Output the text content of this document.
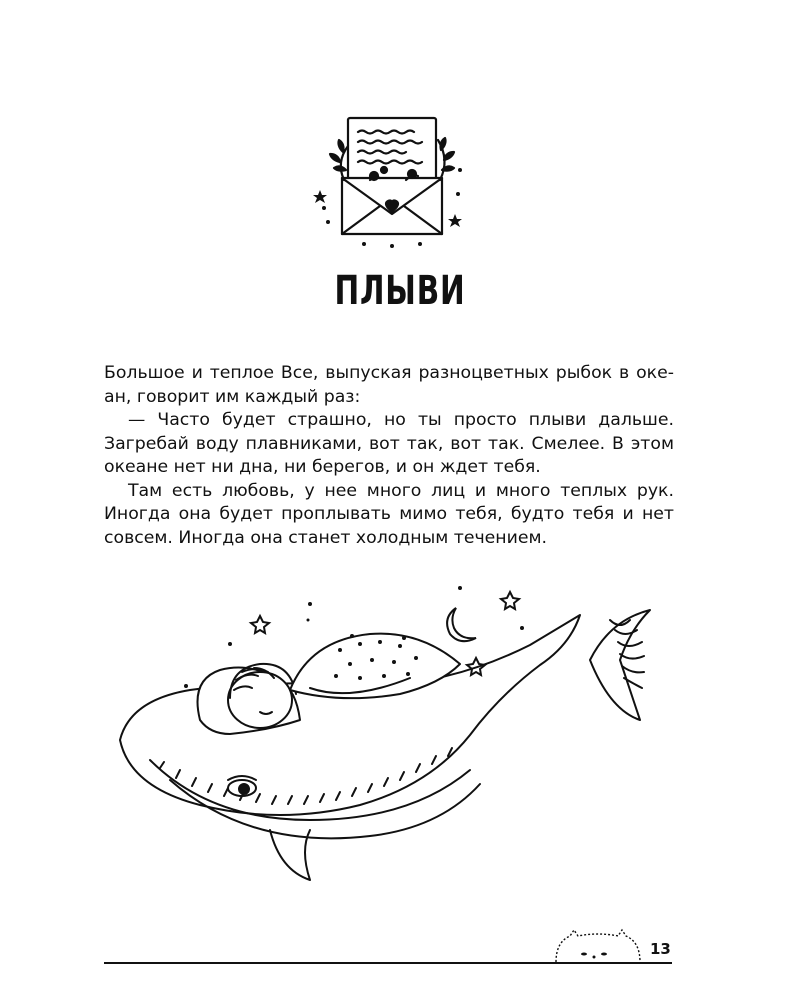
ПЛЫВИ

Большое и теплое Все, выпуская разноцветных рыбок в океан, говорит им каждый раз:

— Часто будет страшно, но ты просто плыви дальше. Загребай воду плавниками, вот так, вот так. Смелее. В этом океане нет ни дна, ни берегов, и он ждет тебя.

Там есть любовь, у нее много лиц и много теплых рук. Иногда она будет проплывать мимо тебя, будто тебя и нет совсем. Иногда она станет холодным течением.

13
